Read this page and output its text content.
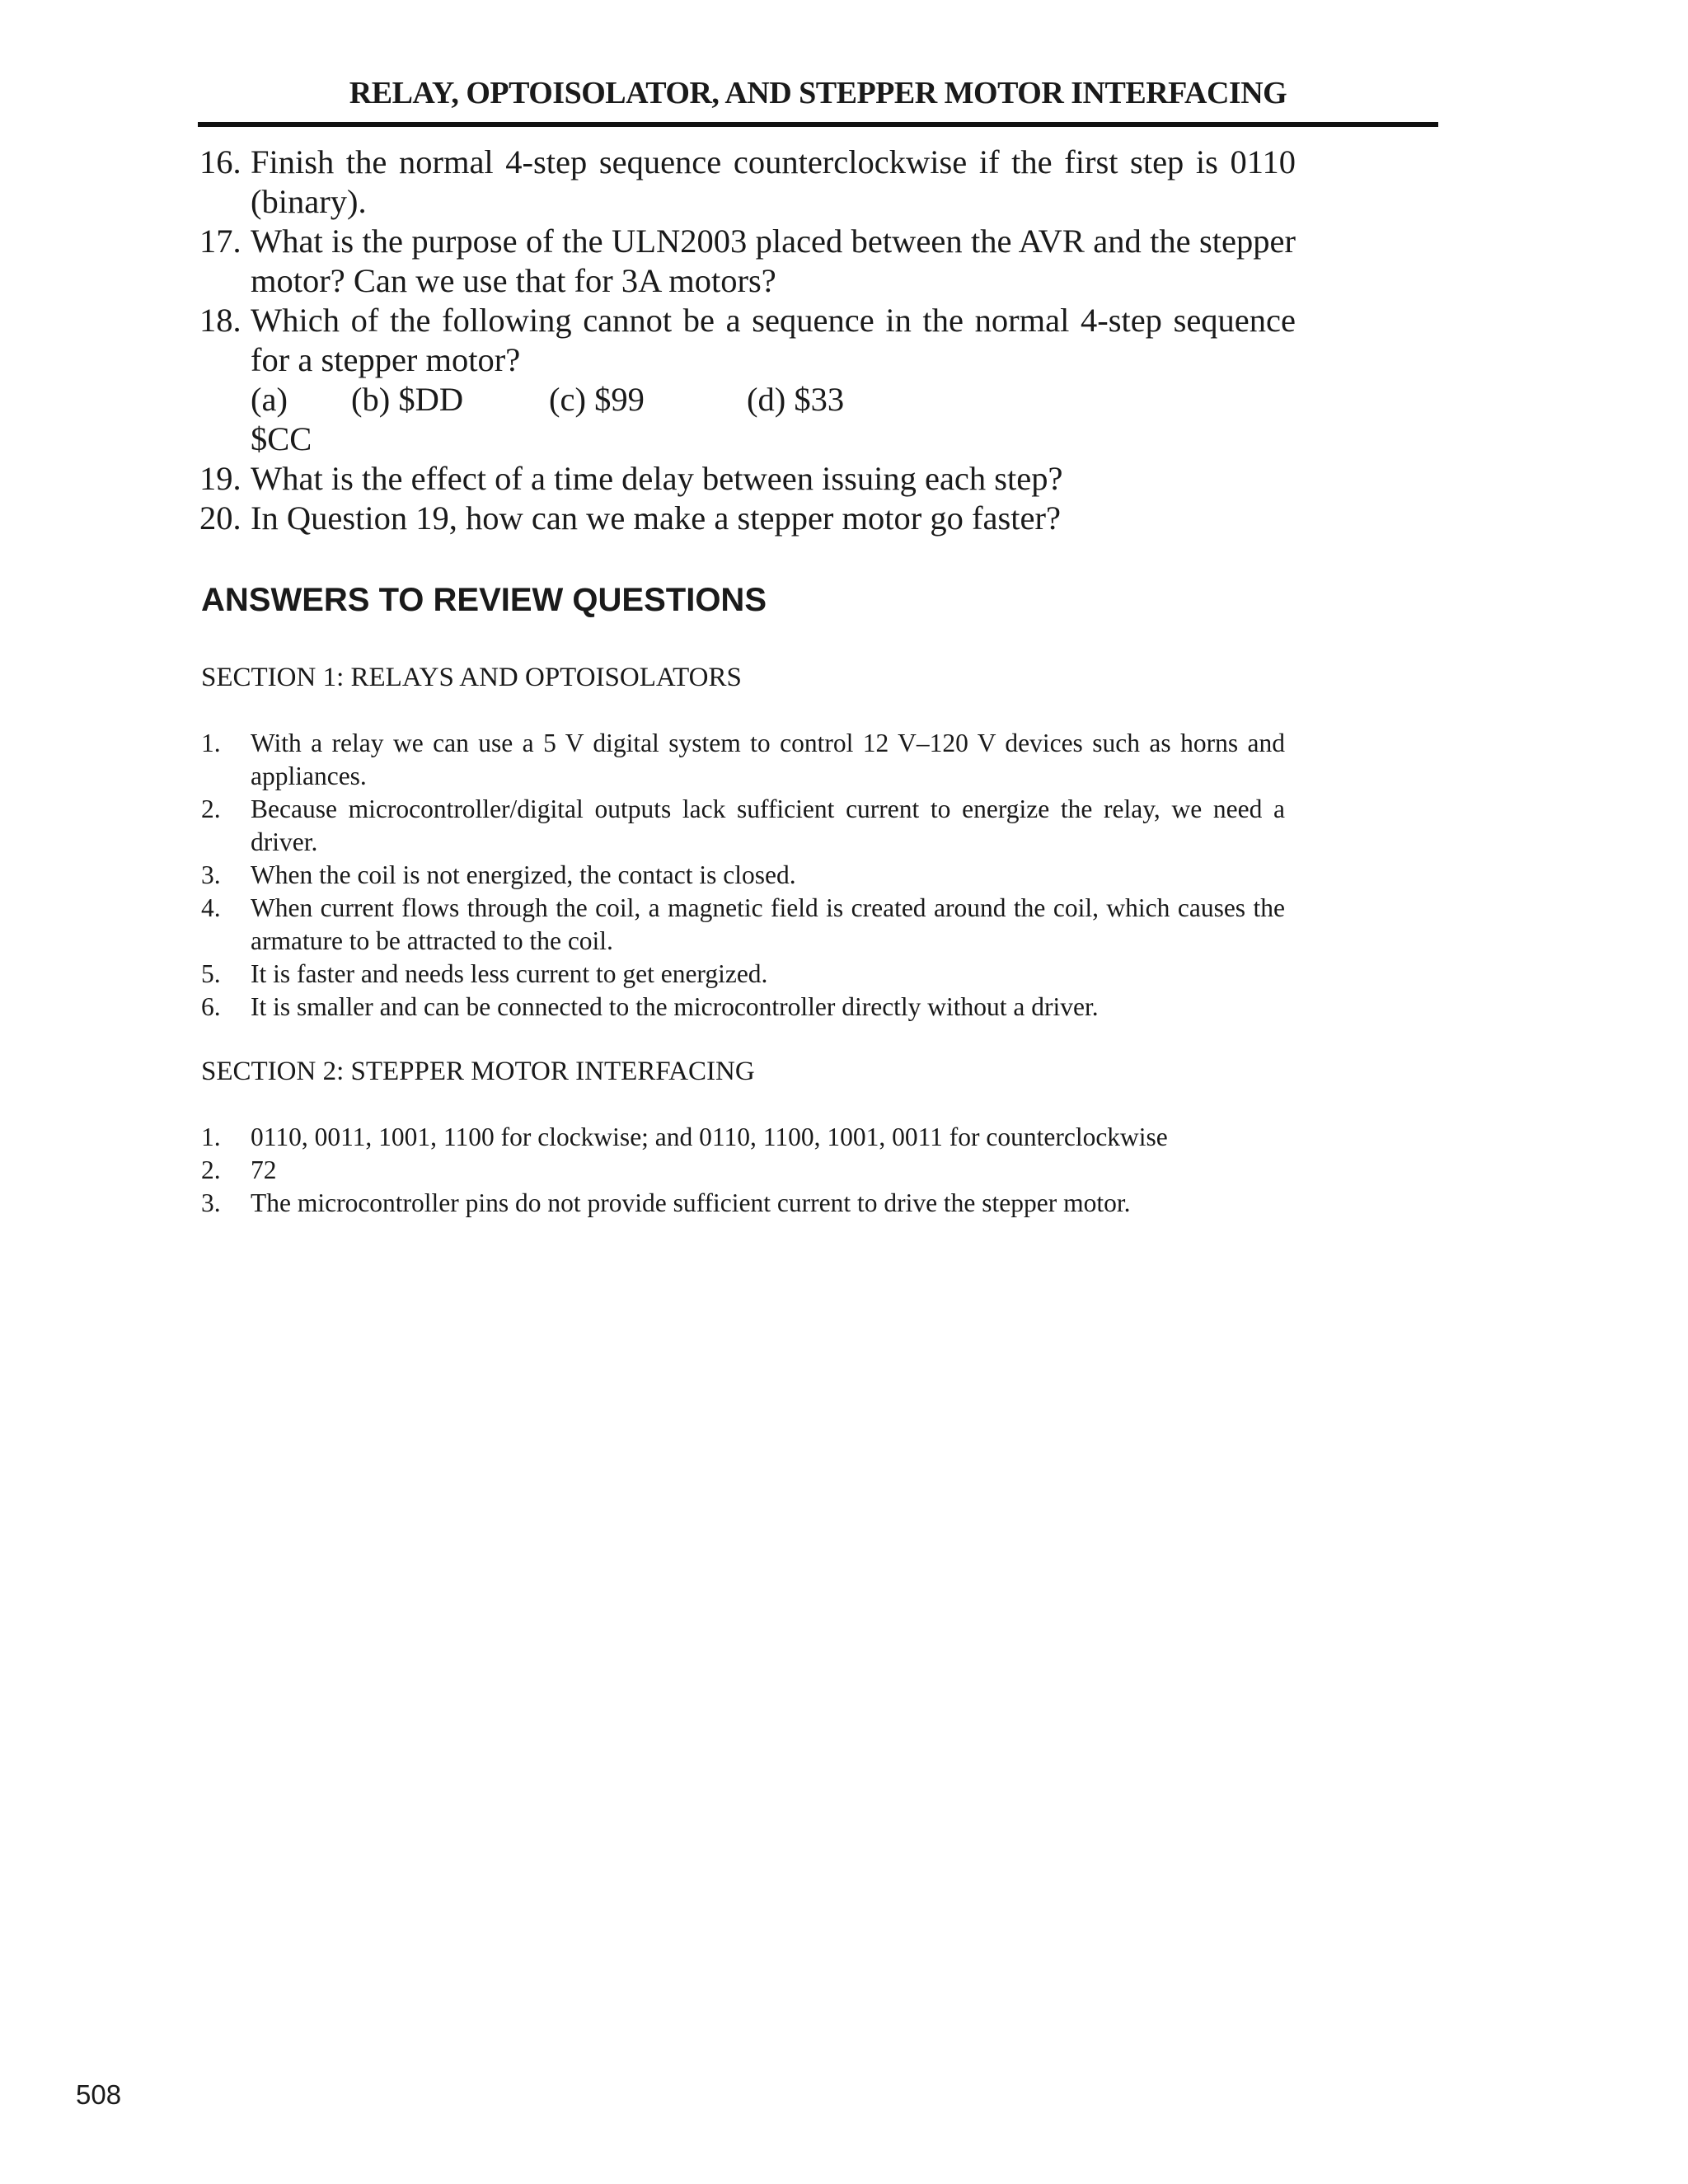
RELAY, OPTOISOLATOR, AND STEPPER MOTOR INTERFACING
16. Finish the normal 4-step sequence counterclockwise if the first step is 0110 (binary).
17. What is the purpose of the ULN2003 placed between the AVR and the stepper motor? Can we use that for 3A motors?
18. Which of the following cannot be a sequence in the normal 4-step sequence for a stepper motor?
(a) $CC
(b) $DD	(c) $99	(d) $33
19. What is the effect of a time delay between issuing each step?
20. In Question 19, how can we make a stepper motor go faster?
ANSWERS TO REVIEW QUESTIONS
SECTION 1: RELAYS AND OPTOISOLATORS
1. With a relay we can use a 5 V digital system to control 12 V–120 V devices such as horns and appliances.
2. Because microcontroller/digital outputs lack sufficient current to energize the relay, we need a driver.
3. When the coil is not energized, the contact is closed.
4. When current flows through the coil, a magnetic field is created around the coil, which causes the armature to be attracted to the coil.
5. It is faster and needs less current to get energized.
6. It is smaller and can be connected to the microcontroller directly without a driver.
SECTION 2: STEPPER MOTOR INTERFACING
1. 0110, 0011, 1001, 1100 for clockwise; and 0110, 1100, 1001, 0011 for counterclockwise
2. 72
3. The microcontroller pins do not provide sufficient current to drive the stepper motor.
508
